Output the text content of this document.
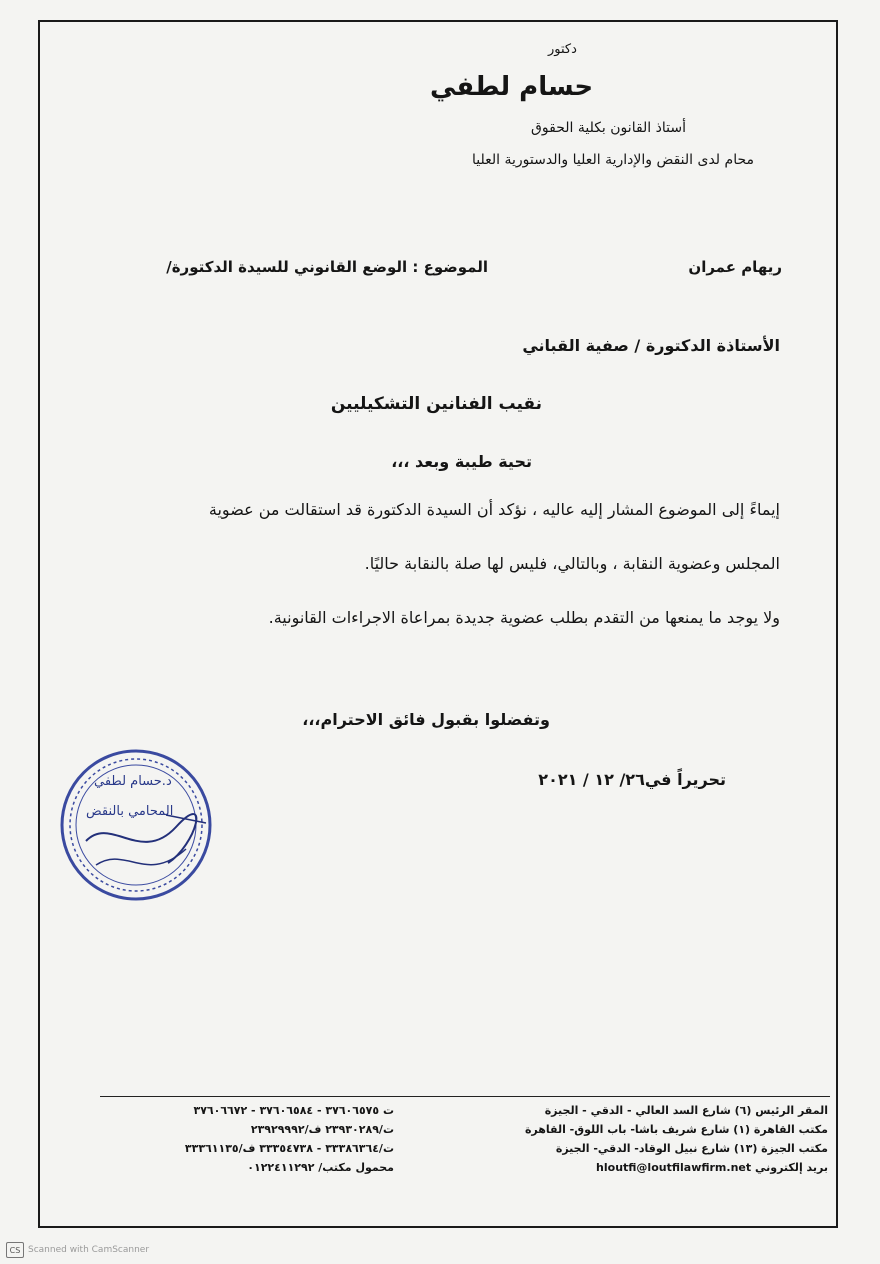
دكتور
حسام لطفي
أستاذ القانون بكلية الحقوق
محام لدى النقض والإدارية العليا والدستورية العليا
الموضوع : الوضع القانوني للسيدة الدكتورة/	ريهام عمران
الأستاذة الدكتورة / صفية القباني
نقيب الفنانين التشكيليين
تحية طيبة وبعد ،،،
إيماءً إلى الموضوع المشار إليه عاليه ، نؤكد أن السيدة الدكتورة قد استقالت من عضوية
المجلس وعضوية النقابة ، وبالتالي، فليس لها صلة بالنقابة حاليًا.
ولا يوجد ما يمنعها من التقدم بطلب عضوية جديدة بمراعاة الاجراءات القانونية.
وتفضلوا بقبول فائق الاحترام،،،
تحريراً في٢٦/ ١٢ / ٢٠٢١
د.حسام لطفي
المحامي بالنقض
المقر الرئيس (٦) شارع السد العالي - الدقي - الجيزة
مكتب القاهرة (١) شارع شريف باشا- باب اللوق- القاهرة
مكتب الجيزة (١٣) شارع نبيل الوقاد- الدقي- الجيزة
بريد إلكتروني hloutfi@loutfilawfirm.net
ت ٣٧٦٠٦٥٧٥ - ٣٧٦٠٦٥٨٤ - ٣٧٦٠٦٦٧٢
ت/٢٣٩٣٠٢٨٩ ف/٢٣٩٢٩٩٩٢
ت/٣٣٣٨٦٣٦٤ - ٣٣٣٥٤٧٣٨ ف/٣٣٣٦١١٣٥
محمول مكتب/ ٠١٢٢٤١١٢٩٢
CS Scanned with CamScanner
